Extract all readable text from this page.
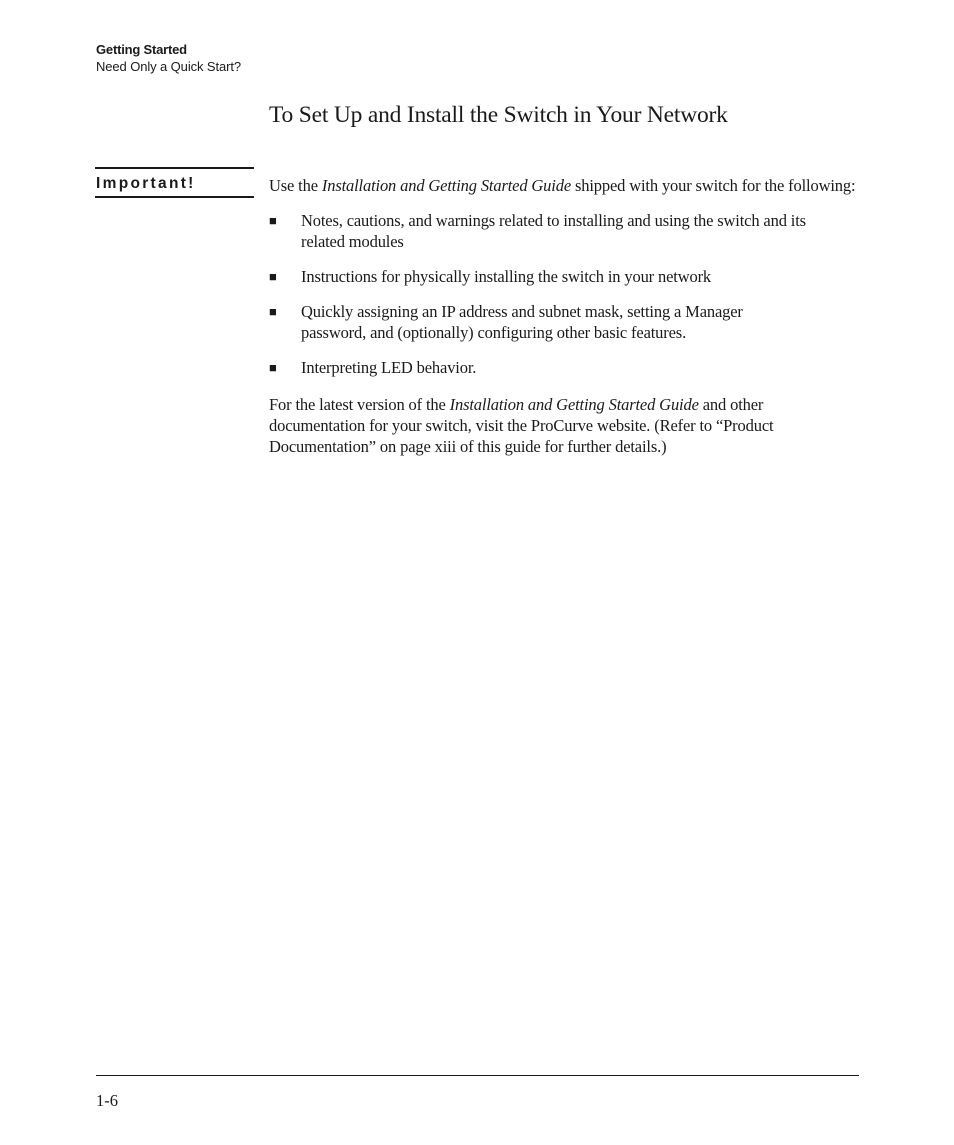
Getting Started
Need Only a Quick Start?
To Set Up and Install the Switch in Your Network
Important!	Use the Installation and Getting Started Guide shipped with your switch for the following:

■ Notes, cautions, and warnings related to installing and using the switch and its related modules
■ Instructions for physically installing the switch in your network
■ Quickly assigning an IP address and subnet mask, setting a Manager password, and (optionally) configuring other basic features.
■ Interpreting LED behavior.

For the latest version of the Installation and Getting Started Guide and other documentation for your switch, visit the ProCurve website. (Refer to “Product Documentation” on page xiii of this guide for further details.)

1-6
